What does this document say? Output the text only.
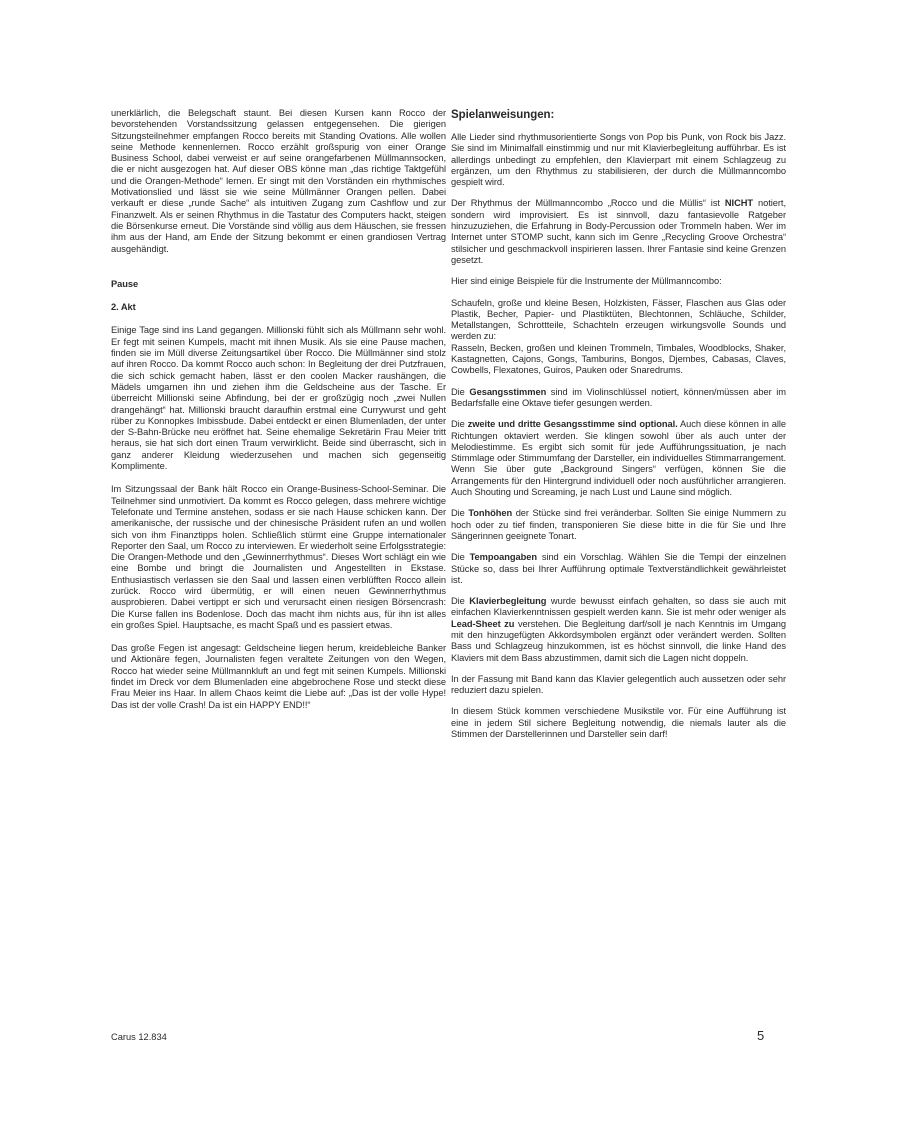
unerklärlich, die Belegschaft staunt. Bei diesen Kursen kann Rocco der bevorstehenden Vorstandssitzung gelassen entgegensehen. Die gierigen Sitzungsteilnehmer empfangen Rocco bereits mit Standing Ovations. Alle wollen seine Methode kennenlernen. Rocco erzählt großspurig von einer Orange Business School, dabei verweist er auf seine orangefarbenen Müllmannsocken, die er nicht ausgezogen hat. Auf dieser OBS könne man „das richtige Taktgefühl und die Orangen-Methode“ lernen. Er singt mit den Vorständen ein rhythmisches Motivationslied und lässt sie wie seine Müllmänner Orangen pellen. Dabei verkauft er diese „runde Sache“ als intuitiven Zugang zum Cashflow und zur Finanzwelt. Als er seinen Rhythmus in die Tastatur des Computers hackt, steigen die Börsenkurse erneut. Die Vorstände sind völlig aus dem Häuschen, sie fressen ihm aus der Hand, am Ende der Sitzung bekommt er einen grandiosen Vertrag ausgehändigt.

Pause

2. Akt

Einige Tage sind ins Land gegangen. Millionski fühlt sich als Müllmann sehr wohl. Er fegt mit seinen Kumpels, macht mit ihnen Musik. Als sie eine Pause machen, finden sie im Müll diverse Zeitungsartikel über Rocco. Die Müllmänner sind stolz auf ihren Rocco. Da kommt Rocco auch schon: In Begleitung der drei Putzfrauen, die sich schick gemacht haben, lässt er den coolen Macker raushängen, die Mädels umgarnen ihn und ziehen ihm die Geldscheine aus der Tasche. Er überreicht Millionski seine Abfindung, bei der er großzügig noch „zwei Nullen drangehängt“ hat. Millionski braucht daraufhin erstmal eine Currywurst und geht rüber zu Konnopkes Imbissbude. Dabei entdeckt er einen Blumenladen, der unter der S-Bahn-Brücke neu eröffnet hat. Seine ehemalige Sekretärin Frau Meier tritt heraus, sie hat sich dort einen Traum verwirklicht. Beide sind überrascht, sich in ganz anderer Kleidung wiederzusehen und machen sich gegenseitig Komplimente.

Im Sitzungssaal der Bank hält Rocco ein Orange-Business-School-Seminar. Die Teilnehmer sind unmotiviert. Da kommt es Rocco gelegen, dass mehrere wichtige Telefonate und Termine anstehen, sodass er sie nach Hause schicken kann. Der amerikanische, der russische und der chinesische Präsident rufen an und wollen sich von ihm Finanztipps holen. Schließlich stürmt eine Gruppe internationaler Reporter den Saal, um Rocco zu interviewen. Er wiederholt seine Erfolgsstrategie: Die Orangen-Methode und den „Gewinnerrhythmus“. Dieses Wort schlägt ein wie eine Bombe und bringt die Journalisten und Angestellten in Ekstase. Enthusiastisch verlassen sie den Saal und lassen einen verblüfften Rocco allein zurück. Rocco wird übermütig, er will einen neuen Gewinnerrhythmus ausprobieren. Dabei vertippt er sich und verursacht einen riesigen Börsencrash: Die Kurse fallen ins Bodenlose. Doch das macht ihm nichts aus, für ihn ist alles ein großes Spiel. Hauptsache, es macht Spaß und es passiert etwas.

Das große Fegen ist angesagt: Geldscheine liegen herum, kreidebleiche Banker und Aktionäre fegen, Journalisten fegen veraltete Zeitungen von den Wegen, Rocco hat wieder seine Müllmannkluft an und fegt mit seinen Kumpels. Millionski findet im Dreck vor dem Blumenladen eine abgebrochene Rose und steckt diese Frau Meier ins Haar. In allem Chaos keimt die Liebe auf: „Das ist der volle Hype! Das ist der volle Crash! Da ist ein HAPPY END!!“

Spielanweisungen:

Alle Lieder sind rhythmusorientierte Songs von Pop bis Punk, von Rock bis Jazz. Sie sind im Minimalfall einstimmig und nur mit Klavierbegleitung aufführbar. Es ist allerdings unbedingt zu empfehlen, den Klavierpart mit einem Schlagzeug zu ergänzen, um den Rhythmus zu stabilisieren, der durch die Müllmanncombo gespielt wird.

Der Rhythmus der Müllmanncombo „Rocco und die Müllis“ ist NICHT notiert, sondern wird improvisiert. Es ist sinnvoll, dazu fantasievolle Ratgeber hinzuzuziehen, die Erfahrung in Body-Percussion oder Trommeln haben. Wer im Internet unter STOMP sucht, kann sich im Genre „Recycling Groove Orchestra“ stilsicher und geschmackvoll inspirieren lassen. Ihrer Fantasie sind keine Grenzen gesetzt.

Hier sind einige Beispiele für die Instrumente der Müllmanncombo:

Schaufeln, große und kleine Besen, Holzkisten, Fässer, Flaschen aus Glas oder Plastik, Becher, Papier- und Plastiktüten, Blechtonnen, Schläuche, Schilder, Metallstangen, Schrottteile, Schachteln erzeugen wirkungsvolle Sounds und werden zu:

Rasseln, Becken, großen und kleinen Trommeln, Timbales, Woodblocks, Shaker, Kastagnetten, Cajons, Gongs, Tamburins, Bongos, Djembes, Cabasas, Claves, Cowbells, Flexatones, Guiros, Pauken oder Snaredrums.

Die Gesangsstimmen sind im Violinschlüssel notiert, können/müssen aber im Bedarfsfalle eine Oktave tiefer gesungen werden.

Die zweite und dritte Gesangsstimme sind optional. Auch diese können in alle Richtungen oktaviert werden. Sie klingen sowohl über als auch unter der Melodiestimme. Es ergibt sich somit für jede Aufführungssituation, je nach Stimmlage oder Stimmumfang der Darsteller, ein individuelles Stimmarrangement. Wenn Sie über gute „Background Singers“ verfügen, können Sie die Arrangements für den Hintergrund individuell oder noch ausführlicher arrangieren. Auch Shouting und Screaming, je nach Lust und Laune sind möglich.

Die Tonhöhen der Stücke sind frei veränderbar. Sollten Sie einige Nummern zu hoch oder zu tief finden, transponieren Sie diese bitte in die für Sie und Ihre Sängerinnen geeignete Tonart.

Die Tempoangaben sind ein Vorschlag. Wählen Sie die Tempi der einzelnen Stücke so, dass bei Ihrer Aufführung optimale Textverständlichkeit gewährleistet ist.

Die Klavierbegleitung wurde bewusst einfach gehalten, so dass sie auch mit einfachen Klavierkenntnissen gespielt werden kann. Sie ist mehr oder weniger als Lead-Sheet zu verstehen. Die Begleitung darf/soll je nach Kenntnis im Umgang mit den hinzugefügten Akkordsymbolen ergänzt oder verändert werden. Sollten Bass und Schlagzeug hinzukommen, ist es höchst sinnvoll, die linke Hand des Klaviers mit dem Bass abzustimmen, damit sich die Lagen nicht doppeln.

In der Fassung mit Band kann das Klavier gelegentlich auch aussetzen oder sehr reduziert dazu spielen.

In diesem Stück kommen verschiedene Musikstile vor. Für eine Aufführung ist eine in jedem Stil sichere Begleitung notwendig, die niemals lauter als die Stimmen der Darstellerinnen und Darsteller sein darf!

Carus 12.834	5
